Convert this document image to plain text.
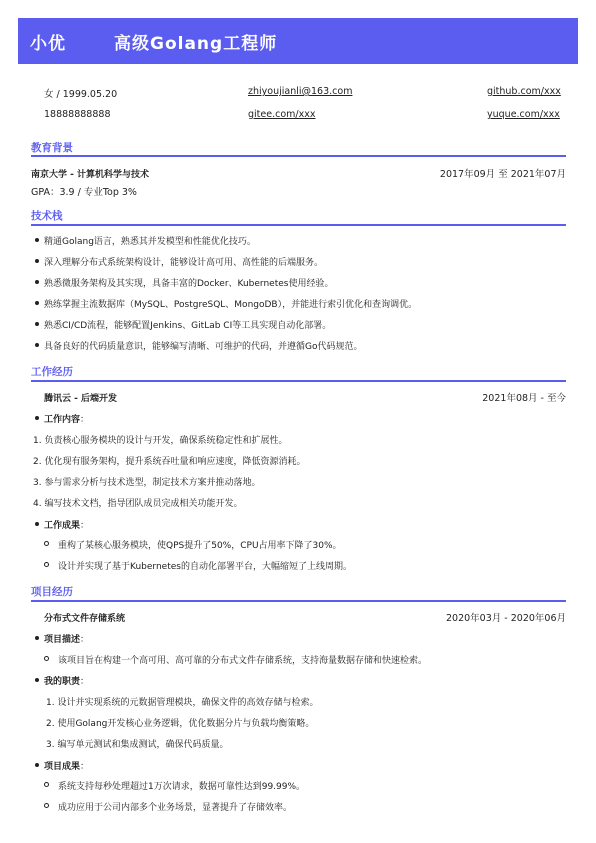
小优	高级Golang工程师
女 / 1999.05.20	zhiyoujianli@163.com	github.com/xxx
18888888888	gitee.com/xxx	yuque.com/xxx
教育背景
南京大学 - 计算机科学与技术	2017年09月 至 2021年07月
GPA：3.9 / 专业Top 3%
技术栈
精通Golang语言，熟悉其并发模型和性能优化技巧。
深入理解分布式系统架构设计，能够设计高可用、高性能的后端服务。
熟悉微服务架构及其实现，具备丰富的Docker、Kubernetes使用经验。
熟练掌握主流数据库（MySQL、PostgreSQL、MongoDB），并能进行索引优化和查询调优。
熟悉CI/CD流程，能够配置Jenkins、GitLab CI等工具实现自动化部署。
具备良好的代码质量意识，能够编写清晰、可维护的代码，并遵循Go代码规范。
工作经历
腾讯云 - 后端开发	2021年08月 - 至今
工作内容：
1. 负责核心服务模块的设计与开发，确保系统稳定性和扩展性。
2. 优化现有服务架构，提升系统吞吐量和响应速度，降低资源消耗。
3. 参与需求分析与技术选型，制定技术方案并推动落地。
4. 编写技术文档，指导团队成员完成相关功能开发。
工作成果：
重构了某核心服务模块，使QPS提升了50%，CPU占用率下降了30%。
设计并实现了基于Kubernetes的自动化部署平台，大幅缩短了上线周期。
项目经历
分布式文件存储系统	2020年03月 - 2020年06月
项目描述：
该项目旨在构建一个高可用、高可靠的分布式文件存储系统，支持海量数据存储和快速检索。
我的职责：
1. 设计并实现系统的元数据管理模块，确保文件的高效存储与检索。
2. 使用Golang开发核心业务逻辑，优化数据分片与负载均衡策略。
3. 编写单元测试和集成测试，确保代码质量。
项目成果：
系统支持每秒处理超过1万次请求，数据可靠性达到99.99%。
成功应用于公司内部多个业务场景，显著提升了存储效率。
